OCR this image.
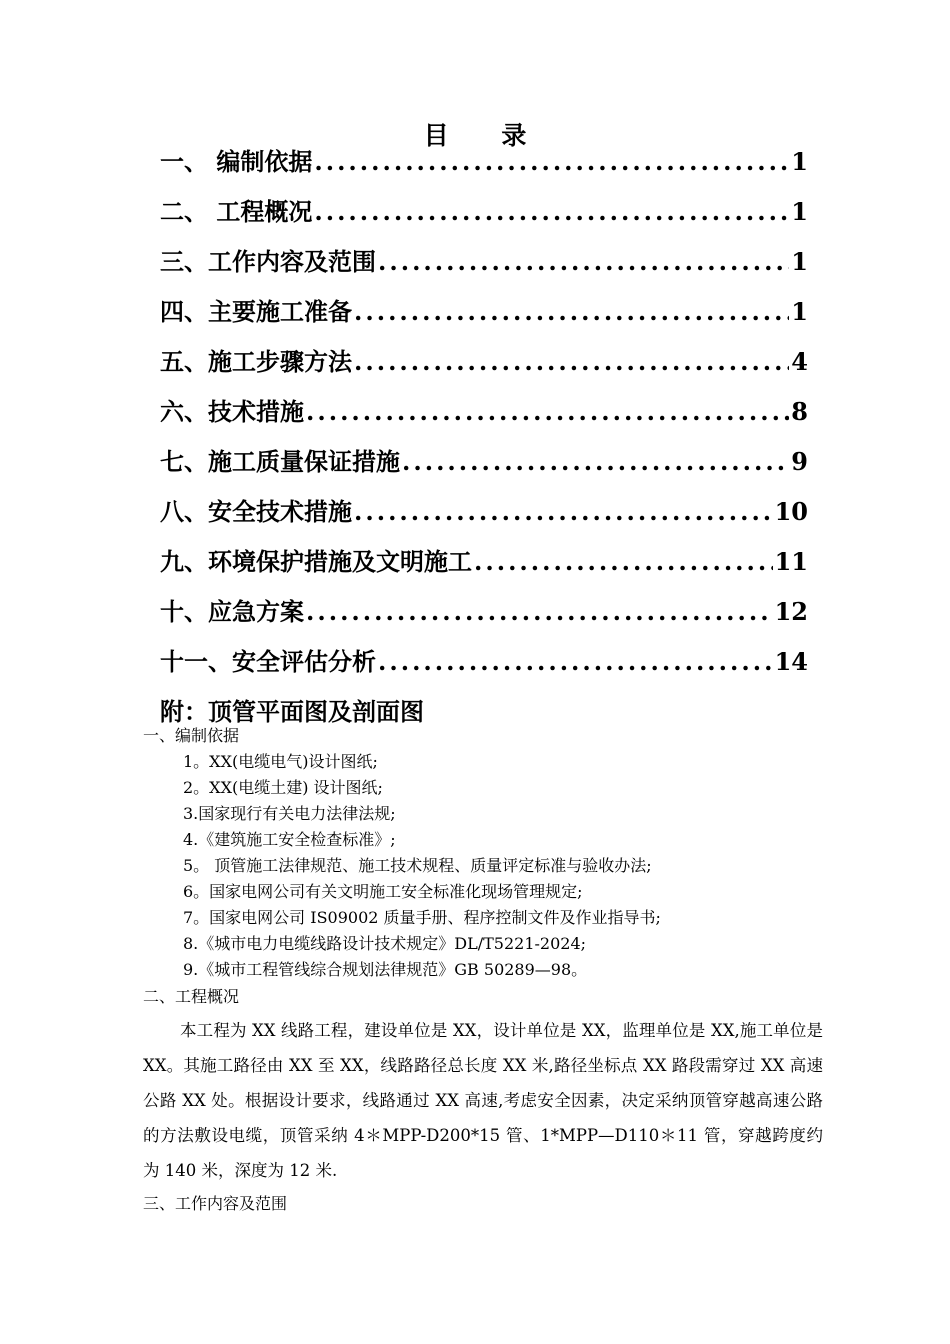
目 录
一、 编制依据 .....	1
二、 工程概况 .....	1
三、工作内容及范围 .....	1
四、主要施工准备 .....	1
五、施工步骤方法 .....	4
六、技术措施 .....	8
七、施工质量保证措施 .....	9
八、安全技术措施 .....	10
九、环境保护措施及文明施工 .....	11
十、应急方案 .....	12
十一、安全评估分析 .....	14
附：顶管平面图及剖面图
一、编制依据
1。XX(电缆电气)设计图纸;
2。XX(电缆土建) 设计图纸;
3.国家现行有关电力法律法规;
4.《建筑施工安全检查标准》;
5。 顶管施工法律规范、施工技术规程、质量评定标准与验收办法;
6。国家电网公司有关文明施工安全标准化现场管理规定;
7。国家电网公司 IS09002 质量手册、程序控制文件及作业指导书;
8.《城市电力电缆线路设计技术规定》DL/T5221-2024;
9.《城市工程管线综合规划法律规范》GB 50289—98。
二、工程概况
本工程为 XX 线路工程，建设单位是 XX，设计单位是 XX，监理单位是 XX,施工单位是 XX。其施工路径由 XX 至 XX，线路路径总长度 XX 米,路径坐标点 XX 路段需穿过 XX 高速公路 XX 处。根据设计要求，线路通过 XX 高速,考虑安全因素，决定采纳顶管穿越高速公路的方法敷设电缆，顶管采纳 4＊MPP-D200*15 管、1*MPP—D110＊11 管，穿越跨度约为 140 米，深度为 12 米.
三、工作内容及范围
